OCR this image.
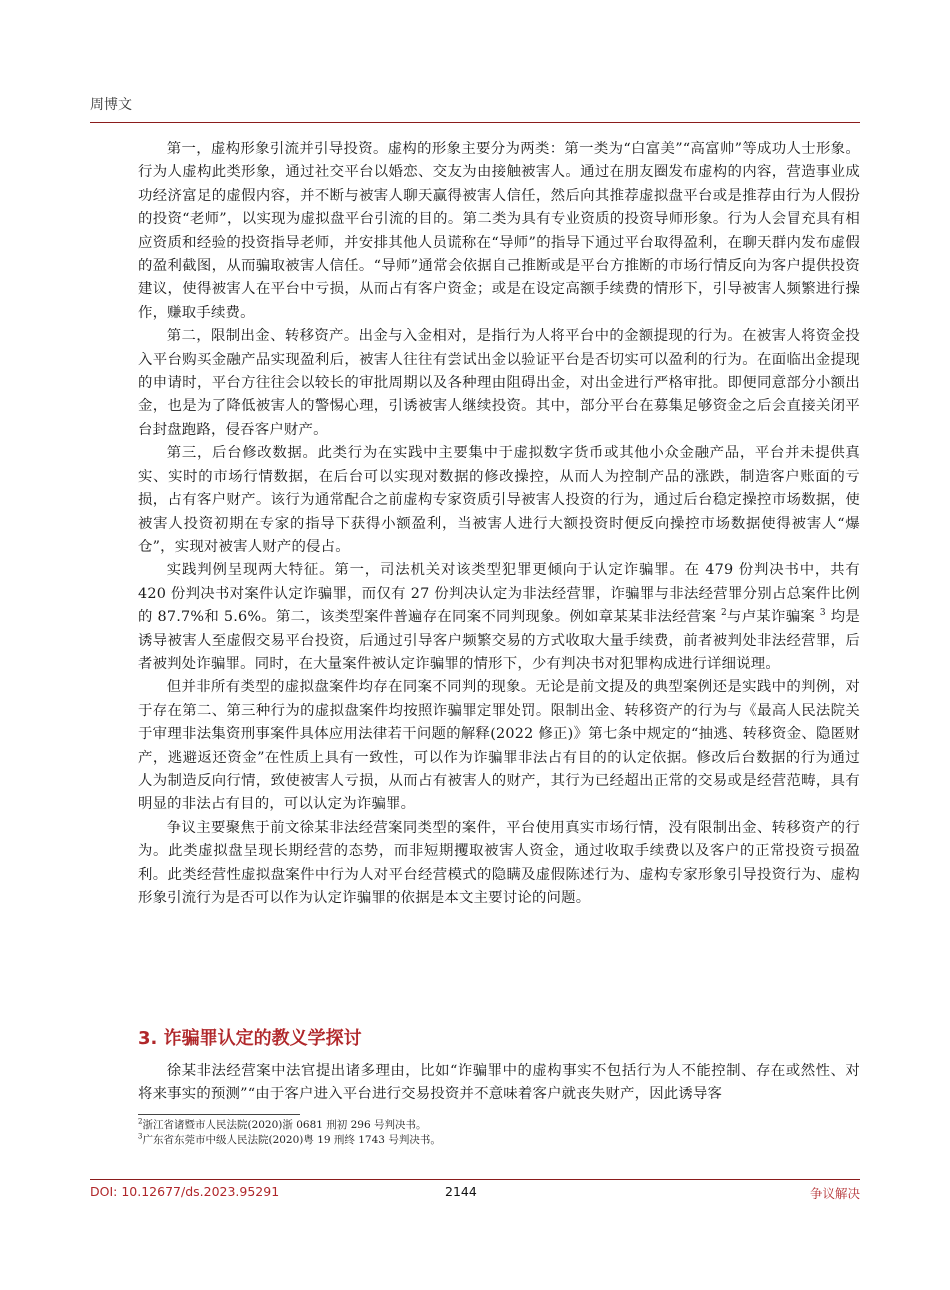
周博文

第一，虚构形象引流并引导投资。虚构的形象主要分为两类：第一类为“白富美”“高富帅”等成功人士形象。行为人虚构此类形象，通过社交平台以婚恋、交友为由接触被害人。通过在朋友圈发布虚构的内容，营造事业成功经济富足的虚假内容，并不断与被害人聊天赢得被害人信任，然后向其推荐虚拟盘平台或是推荐由行为人假扮的投资“老师”，以实现为虚拟盘平台引流的目的。第二类为具有专业资质的投资导师形象。行为人会冒充具有相应资质和经验的投资指导老师，并安排其他人员谎称在“导师”的指导下通过平台取得盈利，在聊天群内发布虚假的盈利截图，从而骗取被害人信任。“导师”通常会依据自己推断或是平台方推断的市场行情反向为客户提供投资建议，使得被害人在平台中亏损，从而占有客户资金；或是在设定高额手续费的情形下，引导被害人频繁进行操作，赚取手续费。

第二，限制出金、转移资产。出金与入金相对，是指行为人将平台中的金额提现的行为。在被害人将资金投入平台购买金融产品实现盈利后，被害人往往有尝试出金以验证平台是否切实可以盈利的行为。在面临出金提现的申请时，平台方往往会以较长的审批周期以及各种理由阻碍出金，对出金进行严格审批。即便同意部分小额出金，也是为了降低被害人的警惕心理，引诱被害人继续投资。其中，部分平台在募集足够资金之后会直接关闭平台封盘跑路，侵吞客户财产。

第三，后台修改数据。此类行为在实践中主要集中于虚拟数字货币或其他小众金融产品，平台并未提供真实、实时的市场行情数据，在后台可以实现对数据的修改操控，从而人为控制产品的涨跌，制造客户账面的亏损，占有客户财产。该行为通常配合之前虚构专家资质引导被害人投资的行为，通过后台稳定操控市场数据，使被害人投资初期在专家的指导下获得小额盈利，当被害人进行大额投资时便反向操控市场数据使得被害人“爆仓”，实现对被害人财产的侵占。

实践判例呈现两大特征。第一，司法机关对该类型犯罪更倾向于认定诈骗罪。在 479 份判决书中，共有 420 份判决书对案件认定诈骗罪，而仅有 27 份判决认定为非法经营罪，诈骗罪与非法经营罪分别占总案件比例的 87.7%和 5.6%。第二，该类型案件普遍存在同案不同判现象。例如章某某非法经营案 $^2$与卢某诈骗案 $^3$ 均是诱导被害人至虚假交易平台投资，后通过引导客户频繁交易的方式收取大量手续费，前者被判处非法经营罪，后者被判处诈骗罪。同时，在大量案件被认定诈骗罪的情形下，少有判决书对犯罪构成进行详细说理。

但并非所有类型的虚拟盘案件均存在同案不同判的现象。无论是前文提及的典型案例还是实践中的判例，对于存在第二、第三种行为的虚拟盘案件均按照诈骗罪定罪处罚。限制出金、转移资产的行为与《最高人民法院关于审理非法集资刑事案件具体应用法律若干问题的解释(2022 修正)》第七条中规定的“抽逃、转移资金、隐匿财产，逃避返还资金”在性质上具有一致性，可以作为诈骗罪非法占有目的的认定依据。修改后台数据的行为通过人为制造反向行情，致使被害人亏损，从而占有被害人的财产，其行为已经超出正常的交易或是经营范畴，具有明显的非法占有目的，可以认定为诈骗罪。

争议主要聚焦于前文徐某非法经营案同类型的案件，平台使用真实市场行情，没有限制出金、转移资产的行为。此类虚拟盘呈现长期经营的态势，而非短期攫取被害人资金，通过收取手续费以及客户的正常投资亏损盈利。此类经营性虚拟盘案件中行为人对平台经营模式的隐瞒及虚假陈述行为、虚构专家形象引导投资行为、虚构形象引流行为是否可以作为认定诈骗罪的依据是本文主要讨论的问题。

3. 诈骗罪认定的教义学探讨

徐某非法经营案中法官提出诸多理由，比如“诈骗罪中的虚构事实不包括行为人不能控制、存在或然性、对将来事实的预测”“由于客户进入平台进行交易投资并不意味着客户就丧失财产，因此诱导客

$^2$浙江省诸暨市人民法院(2020)浙 0681 刑初 296 号判决书。

$^3$广东省东莞市中级人民法院(2020)粤 19 刑终 1743 号判决书。

DOI: 10.12677/ds.2023.95291	2144	争议解决
